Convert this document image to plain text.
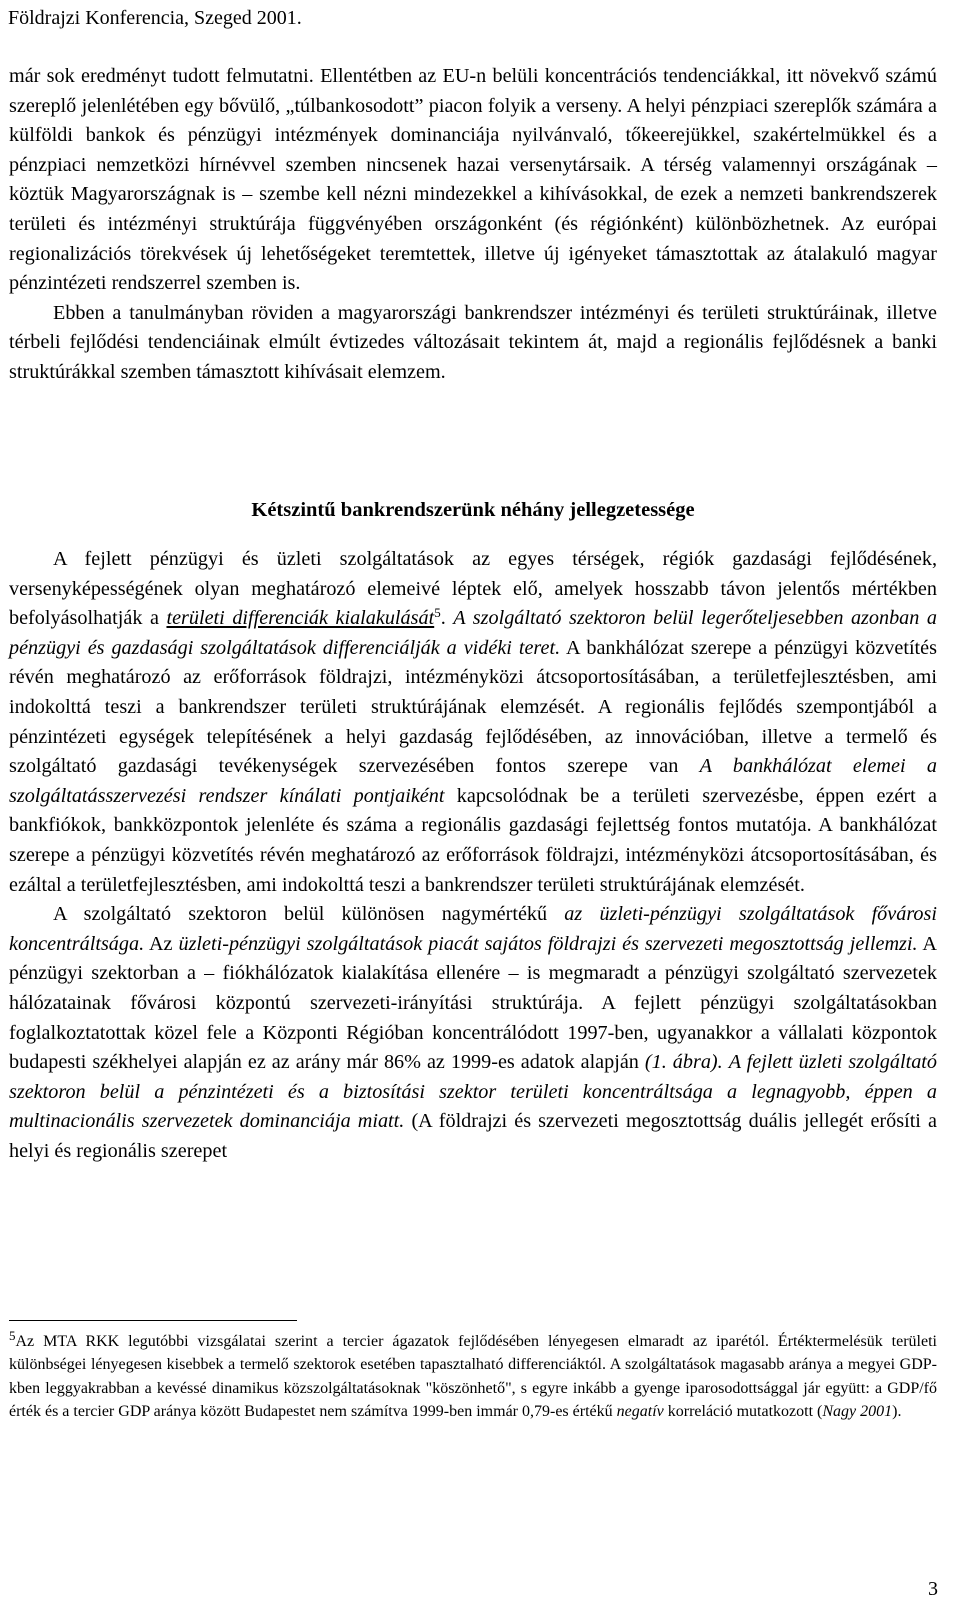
Földrajzi Konferencia, Szeged 2001.

már sok eredményt tudott felmutatni. Ellentétben az EU-n belüli koncentrációs tendenciákkal, itt növekvő számú szereplő jelenlétében egy bővülő, „túlbankosodott” piacon folyik a verseny. A helyi pénzpiaci szereplők számára a külföldi bankok és pénzügyi intézmények dominanciája nyilvánvaló, tőkeerejükkel, szakértelmükkel és a pénzpiaci nemzetközi hírnévvel szemben nincsenek hazai versenytársaik. A térség valamennyi országának –köztük Magyarországnak is – szembe kell nézni mindezekkel a kihívásokkal, de ezek a nemzeti bankrendszerek területi és intézményi struktúrája függvényében országonként (és régiónként) különbözhetnek. Az európai regionalizációs törekvések új lehetőségeket teremtettek, illetve új igényeket támasztottak az átalakuló magyar pénzintézeti rendszerrel szemben is.

Ebben a tanulmányban röviden a magyarországi bankrendszer intézményi és területi struktúráinak, illetve térbeli fejlődési tendenciáinak elmúlt évtizedes változásait tekintem át, majd a regionális fejlődésnek a banki struktúrákkal szemben támasztott kihívásait elemzem.

Kétszintű bankrendszerünk néhány jellegzetessége

A fejlett pénzügyi és üzleti szolgáltatások az egyes térségek, régiók gazdasági fejlődésének, versenyképességének olyan meghatározó elemeivé léptek elő, amelyek hosszabb távon jelentős mértékben befolyásolhatják a területi differenciák kialakulását$^5$. A szolgáltató szektoron belül legerőteljesebben azonban a pénzügyi és gazdasági szolgáltatások differenciálják a vidéki teret. A bankhálózat szerepe a pénzügyi közvetítés révén meghatározó az erőforrások földrajzi, intézményközi átcsoportosításában, a területfejlesztésben, ami indokolttá teszi a bankrendszer területi struktúrájának elemzését. A regionális fejlődés szempontjából a pénzintézeti egységek telepítésének a helyi gazdaság fejlődésében, az innovációban, illetve a termelő és szolgáltató gazdasági tevékenységek szervezésében fontos szerepe van A bankhálózat elemei a szolgáltatásszervezési rendszer kínálati pontjaiként kapcsolódnak be a területi szervezésbe, éppen ezért a bankfiókok, bankközpontok jelenléte és száma a regionális gazdasági fejlettség fontos mutatója. A bankhálózat szerepe a pénzügyi közvetítés révén meghatározó az erőforrások földrajzi, intézményközi átcsoportosításában, és ezáltal a területfejlesztésben, ami indokolttá teszi a bankrendszer területi struktúrájának elemzését.

A szolgáltató szektoron belül különösen nagymértékű az üzleti-pénzügyi szolgáltatások fővárosi koncentráltsága. Az üzleti-pénzügyi szolgáltatások piacát sajátos földrajzi és szervezeti megosztottság jellemzi. A pénzügyi szektorban a – fiókhálózatok kialakítása ellenére – is megmaradt a pénzügyi szolgáltató szervezetek hálózatainak fővárosi központú szervezeti-irányítási struktúrája. A fejlett pénzügyi szolgáltatásokban foglalkoztatottak közel fele a Központi Régióban koncentrálódott 1997-ben, ugyanakkor a vállalati központok budapesti székhelyei alapján ez az arány már 86% az 1999-es adatok alapján (1. ábra). A fejlett üzleti szolgáltató szektoron belül a pénzintézeti és a biztosítási szektor területi koncentráltsága a legnagyobb, éppen a multinacionális szervezetek dominanciája miatt. (A földrajzi és szervezeti megosztottság duális jellegét erősíti a helyi és regionális szerepet

$^5$Az MTA RKK legutóbbi vizsgálatai szerint a tercier ágazatok fejlődésében lényegesen elmaradt az iparétól. Értéktermelésük területi különbségei lényegesen kisebbek a termelő szektorok esetében tapasztalható differenciáktól. A szolgáltatások magasabb aránya a megyei GDP-kben leggyakrabban a kevéssé dinamikus közszolgáltatásoknak "köszönhető", s egyre inkább a gyenge iparosodottsággal jár együtt: a GDP/fő érték és a tercier GDP aránya között Budapestet nem számítva 1999-ben immár 0,79-es értékű negatív korreláció mutatkozott (Nagy 2001).

3
